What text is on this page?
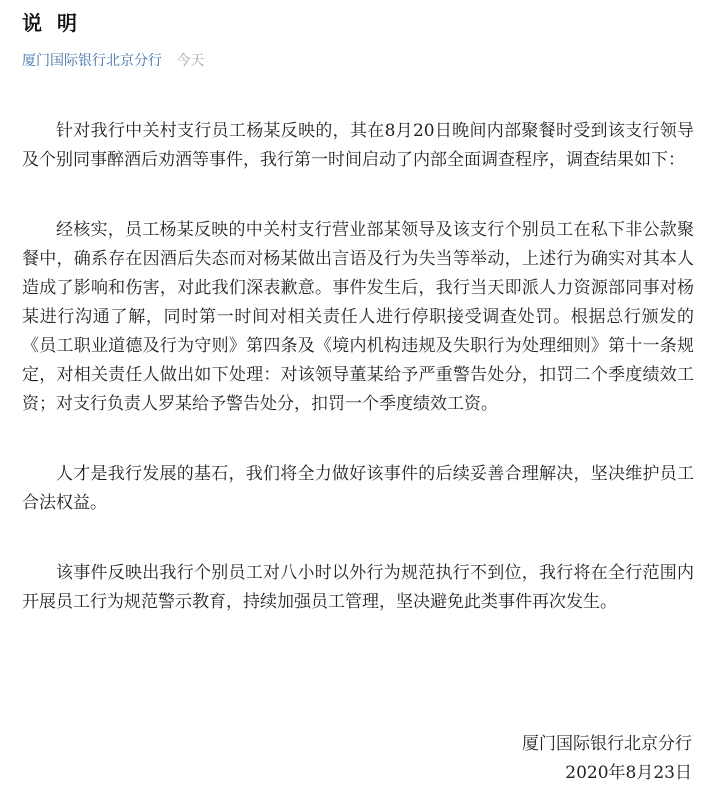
说 明
厦门国际银行北京分行 今天

针对我行中关村支行员工杨某反映的，其在8月20日晚间内部聚餐时受到该支行领导及个别同事醉酒后劝酒等事件，我行第一时间启动了内部全面调查程序，调查结果如下：

经核实，员工杨某反映的中关村支行营业部某领导及该支行个别员工在私下非公款聚餐中，确系存在因酒后失态而对杨某做出言语及行为失当等举动，上述行为确实对其本人造成了影响和伤害，对此我们深表歉意。事件发生后，我行当天即派人力资源部同事对杨某进行沟通了解，同时第一时间对相关责任人进行停职接受调查处罚。根据总行颁发的《员工职业道德及行为守则》第四条及《境内机构违规及失职行为处理细则》第十一条规定，对相关责任人做出如下处理：对该领导董某给予严重警告处分，扣罚二个季度绩效工资；对支行负责人罗某给予警告处分，扣罚一个季度绩效工资。

人才是我行发展的基石，我们将全力做好该事件的后续妥善合理解决，坚决维护员工合法权益。

该事件反映出我行个别员工对八小时以外行为规范执行不到位，我行将在全行范围内开展员工行为规范警示教育，持续加强员工管理，坚决避免此类事件再次发生。

厦门国际银行北京分行
2020年8月23日
